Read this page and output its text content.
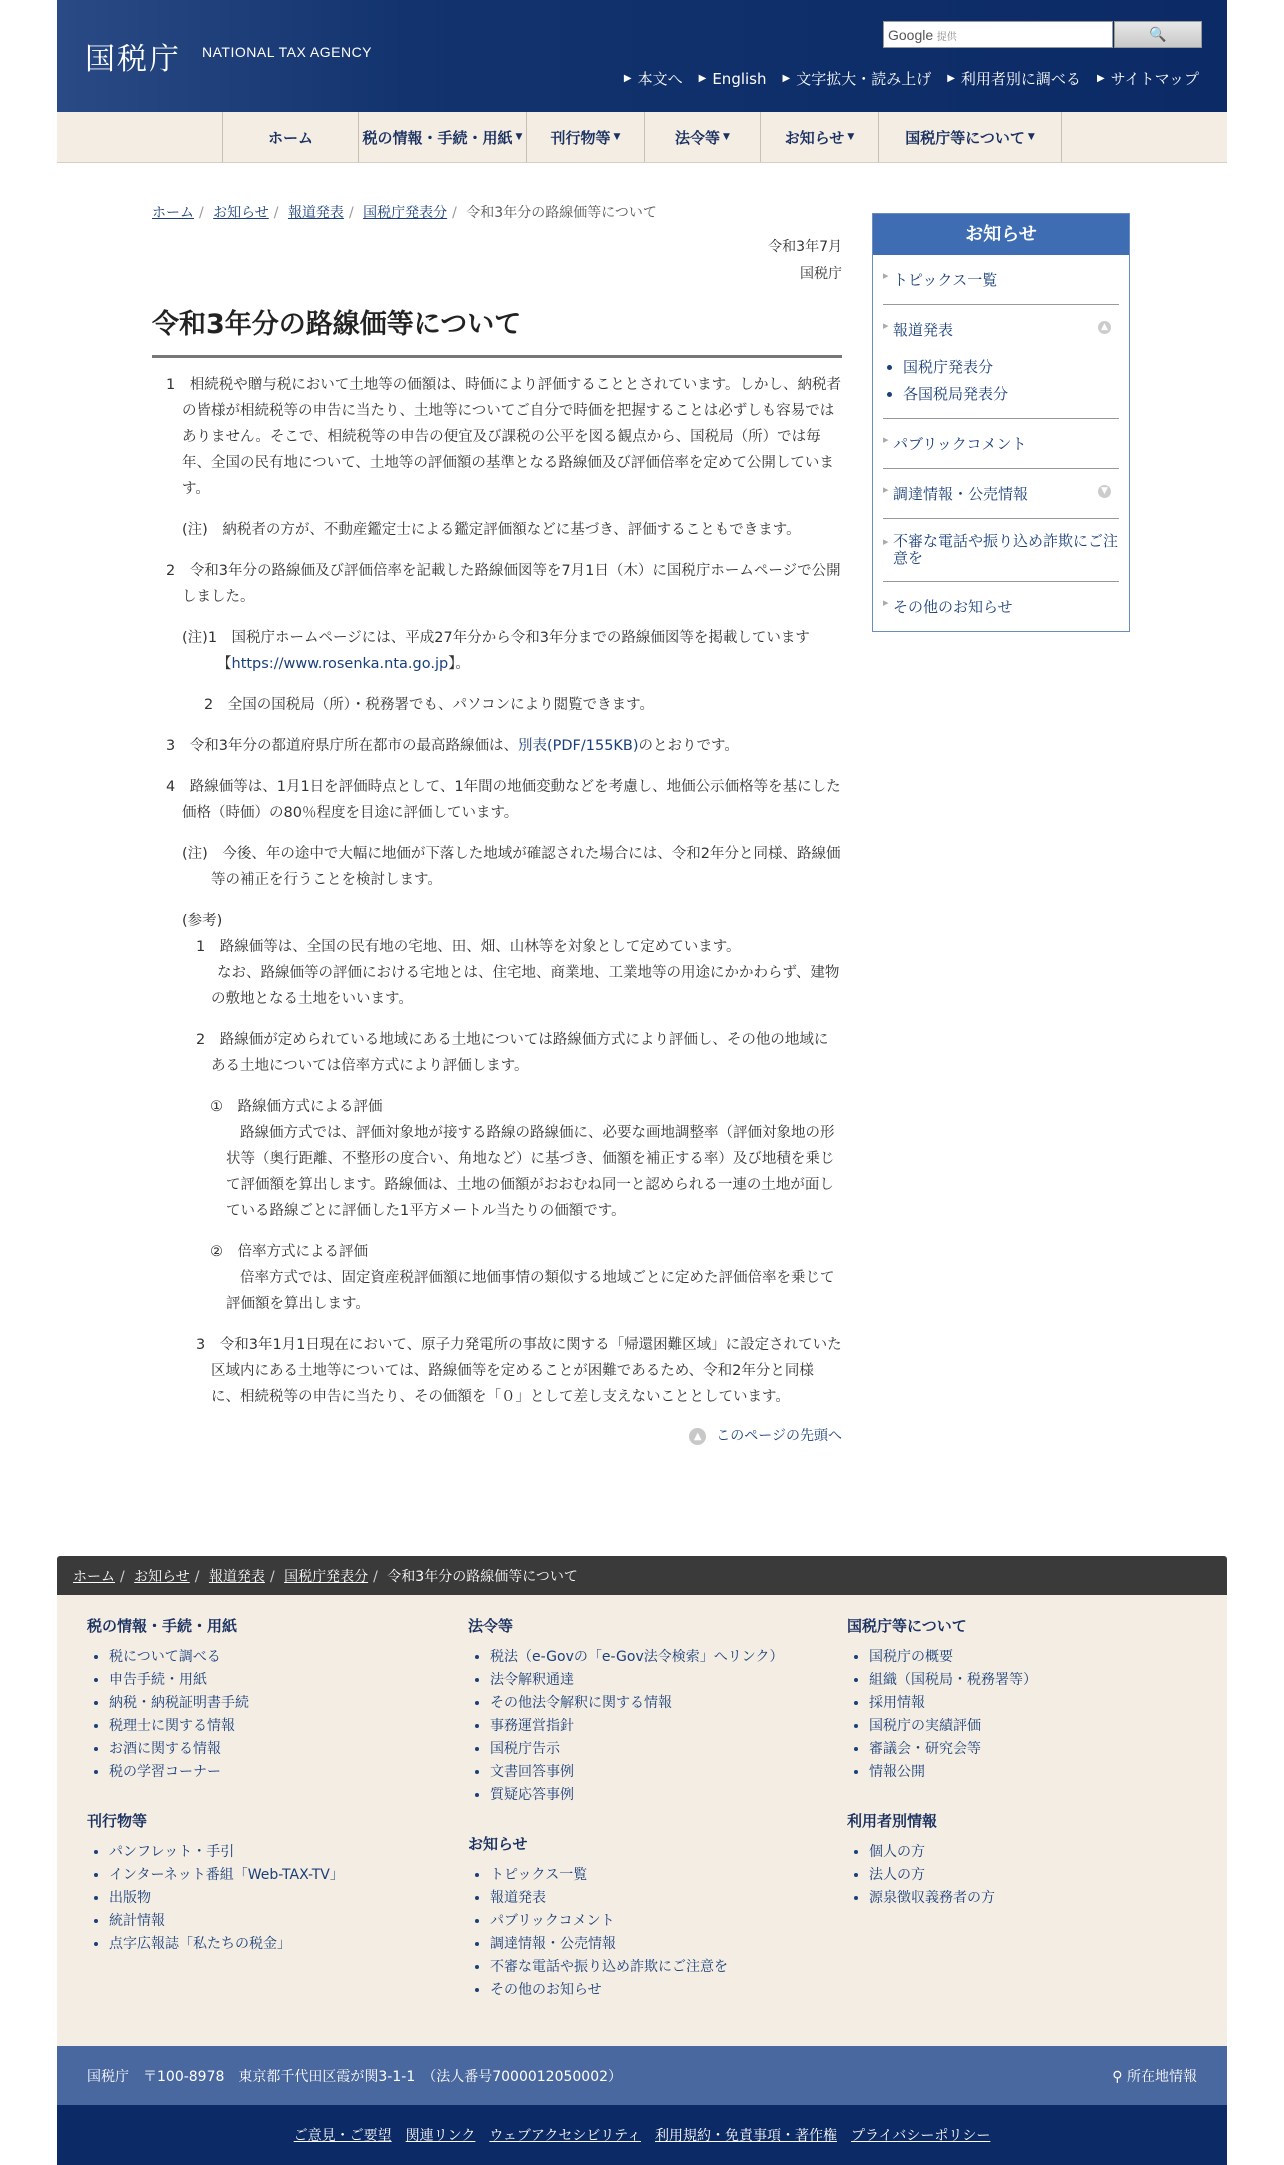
国税庁 NATIONAL TAX AGENCY
Google 提供	🔍
▶ 本文へ ▶ English ▶ 文字拡大・読み上げ ▶ 利用者別に調べる ▶ サイトマップ
ホーム	税の情報・手続・用紙 ▼ 刊行物等 ▼	法令等 ▼	お知らせ ▼	国税庁等について ▼
ホーム / お知らせ / 報道発表 / 国税庁発表分 / 令和3年分の路線価等について
令和3年7月
国税庁
令和3年分の路線価等について

1　相続税や贈与税において土地等の価額は、時価により評価することとされています。しかし、納税者の皆様が相続税等の申告に当たり、土地等についてご自分で時価を把握することは必ずしも容易ではありません。そこで、相続税等の申告の便宜及び課税の公平を図る観点から、国税局（所）では毎年、全国の民有地について、土地等の評価額の基準となる路線価及び評価倍率を定めて公開しています。

(注)　納税者の方が、不動産鑑定士による鑑定評価額などに基づき、評価することもできます。

2　令和3年分の路線価及び評価倍率を記載した路線価図等を7月1日（木）に国税庁ホームページで公開しました。

(注)1　国税庁ホームページには、平成27年分から令和3年分までの路線価図等を掲載しています

【https://www.rosenka.nta.go.jp】。

2　全国の国税局（所）・税務署でも、パソコンにより閲覧できます。

3　令和3年分の都道府県庁所在都市の最高路線価は、別表(PDF/155KB)のとおりです。

4　路線価等は、1月1日を評価時点として、1年間の地価変動などを考慮し、地価公示価格等を基にした価格（時価）の80％程度を目途に評価しています。

(注)　今後、年の途中で大幅に地価が下落した地域が確認された場合には、令和2年分と同様、路線価等の補正を行うことを検討します。

(参考)

1　路線価等は、全国の民有地の宅地、田、畑、山林等を対象として定めています。

なお、路線価等の評価における宅地とは、住宅地、商業地、工業地等の用途にかかわらず、建物の敷地となる土地をいいます。

2　路線価が定められている地域にある土地については路線価方式により評価し、その他の地域にある土地については倍率方式により評価します。

①　路線価方式による評価

路線価方式では、評価対象地が接する路線の路線価に、必要な画地調整率（評価対象地の形状等（奥行距離、不整形の度合い、角地など）に基づき、価額を補正する率）及び地積を乗じて評価額を算出します。路線価は、土地の価額がおおむね同一と認められる一連の土地が面している路線ごとに評価した1平方メートル当たりの価額です。

②　倍率方式による評価

倍率方式では、固定資産税評価額に地価事情の類似する地域ごとに定めた評価倍率を乗じて評価額を算出します。

3　令和3年1月1日現在において、原子力発電所の事故に関する「帰還困難区域」に設定されていた区域内にある土地等については、路線価等を定めることが困難であるため、令和2年分と同様に、相続税等の申告に当たり、その価額を「０」として差し支えないこととしています。

▲ このページの先頭へ
お知らせ
▸ トピックス一覧
▸ 報道発表	▲
• 国税庁発表分
• 各国税局発表分
▸ パブリックコメント
▸ 調達情報・公売情報	▼
▸ 不審な電話や振り込め詐欺にご注意を
▸ その他のお知らせ
ホーム / お知らせ / 報道発表 / 国税庁発表分 / 令和3年分の路線価等について
税の情報・手続・用紙
• 税について調べる
• 申告手続・用紙
• 納税・納税証明書手続
• 税理士に関する情報
• お酒に関する情報
• 税の学習コーナー
刊行物等
• パンフレット・手引
• インターネット番組「Web-TAX-TV」
• 出版物
• 統計情報
• 点字広報誌「私たちの税金」
法令等
• 税法（e-Govの「e-Gov法令検索」へリンク）
• 法令解釈通達
• その他法令解釈に関する情報
• 事務運営指針
• 国税庁告示
• 文書回答事例
• 質疑応答事例
お知らせ
• トピックス一覧
• 報道発表
• パブリックコメント
• 調達情報・公売情報
• 不審な電話や振り込め詐欺にご注意を
• その他のお知らせ
国税庁等について
• 国税庁の概要
• 組織（国税局・税務署等）
• 採用情報
• 国税庁の実績評価
• 審議会・研究会等
• 情報公開
利用者別情報
• 個人の方
• 法人の方
• 源泉徴収義務者の方
国税庁　〒100-8978　東京都千代田区霞が関3-1-1　（法人番号7000012050002）	⚲ 所在地情報
ご意見・ご要望 関連リンク ウェブアクセシビリティ 利用規約・免責事項・著作権 プライバシーポリシー
